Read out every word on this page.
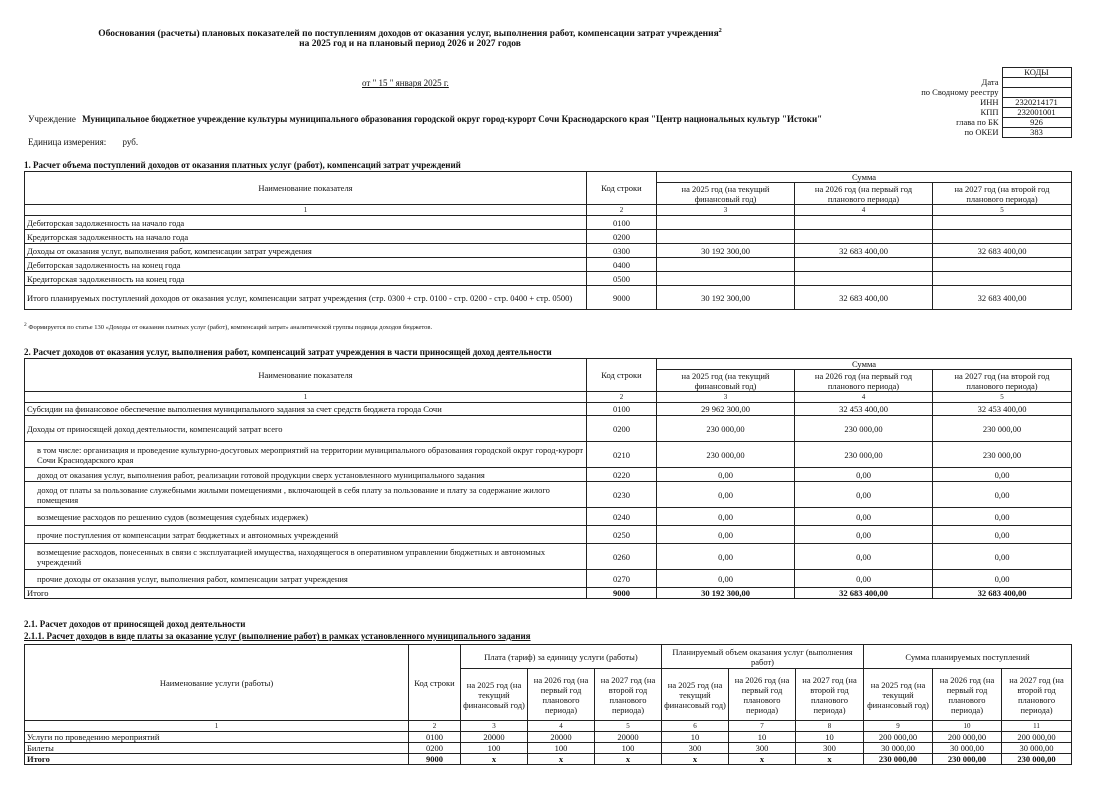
Обоснования (расчеты) плановых показателей по поступлениям доходов от оказания услуг, выполнения работ, компенсации затрат учреждения$^2$
на 2025 год и на плановый период 2026 и 2027 годов
от " 15 " января 2025 г.
Учреждение Муниципальное бюджетное учреждение культуры муниципального образования городской округ город-курорт Сочи Краснодарского края "Центр национальных культур "Истоки"
Единица измерения: руб.
	КОДЫ
Дата	
по Сводному реестру	
ИНН	2320214171
КПП	232001001
глава по БК	926
по ОКЕИ	383
1. Расчет объема поступлений доходов от оказания платных услуг (работ), компенсаций затрат учреждений
Наименование показателя	Код строки	Сумма		
		на 2025 год (на текущий финансовый год)	на 2026 год (на первый год планового периода)	на 2027 год (на второй год планового периода)
1	2	3	4	5
Дебиторская задолженность на начало года	0100			
Кредиторская задолженность на начало года	0200			
Доходы от оказания услуг, выполнения работ, компенсации затрат учреждения	0300	30 192 300,00	32 683 400,00	32 683 400,00
Дебиторская задолженность на конец года	0400			
Кредиторская задолженность на конец года	0500			
Итого планируемых поступлений доходов от оказания услуг, компенсации затрат учреждения (стр. 0300 + стр. 0100 - стр. 0200 - стр. 0400 + стр. 0500)	9000	30 192 300,00	32 683 400,00	32 683 400,00
$^2$ Формируется по статье 130 «Доходы от оказания платных услуг (работ), компенсаций затрат» аналитической группы подвида доходов бюджетов.
2. Расчет доходов от оказания услуг, выполнения работ, компенсаций затрат учреждения в части приносящей доход деятельности
Наименование показателя	Код строки	Сумма		
		на 2025 год (на текущий финансовый год)	на 2026 год (на первый год планового периода)	на 2027 год (на второй год планового периода)
1	2	3	4	5
Субсидии на финансовое обеспечение выполнения муниципального задания за счет средств бюджета города Сочи	0100	29 962 300,00	32 453 400,00	32 453 400,00
Доходы от приносящей доход деятельности, компенсаций затрат всего	0200	230 000,00	230 000,00	230 000,00
в том числе: организация и проведение культурно-досуговых мероприятий на территории муниципального образования городской округ город-курорт Сочи Краснодарского края	0210	230 000,00	230 000,00	230 000,00
доход от оказания услуг, выполнения работ, реализации готовой продукции сверх установленного муниципального задания	0220	0,00	0,00	0,00
доход от платы за пользование служебными жилыми помещениями , включающей в себя плату за пользование и плату за содержание жилого помещения	0230	0,00	0,00	0,00
возмещение расходов по решению судов (возмещения судебных издержек)	0240	0,00	0,00	0,00
прочие поступления от компенсации затрат бюджетных и автономных учреждений	0250	0,00	0,00	0,00
возмещение расходов, понесенных в связи с эксплуатацией имущества, находящегося в оперативном управлении бюджетных и автономных учреждений	0260	0,00	0,00	0,00
прочие доходы от оказания услуг, выполнения работ, компенсации затрат учреждения	0270	0,00	0,00	0,00
Итого	9000	30 192 300,00	32 683 400,00	32 683 400,00
2.1. Расчет доходов от приносящей доход деятельности
2.1.1. Расчет доходов в виде платы за оказание услуг (выполнение работ) в рамках установленного муниципального задания
Наименование услуги (работы)	Код строки	Плата (тариф) за единицу услуги (работы)			Планируемый объем оказания услуг (выполнения работ)			Сумма планируемых поступлений		
		на 2025 год (на текущий финансовый год)	на 2026 год (на первый год планового периода)	на 2027 год (на второй год планового периода)	на 2025 год (на текущий финансовый год)	на 2026 год (на первый год планового периода)	на 2027 год (на второй год планового периода)	на 2025 год (на текущий финансовый год)	на 2026 год (на первый год планового периода)	на 2027 год (на второй год планового периода)
1	2	3	4	5	6	7	8	9	10	11
Услуги по проведению мероприятий	0100	20000	20000	20000	10	10	10	200 000,00	200 000,00	200 000,00
Билеты	0200	100	100	100	300	300	300	30 000,00	30 000,00	30 000,00
Итого	9000	x	x	x	x	x	x	230 000,00	230 000,00	230 000,00
